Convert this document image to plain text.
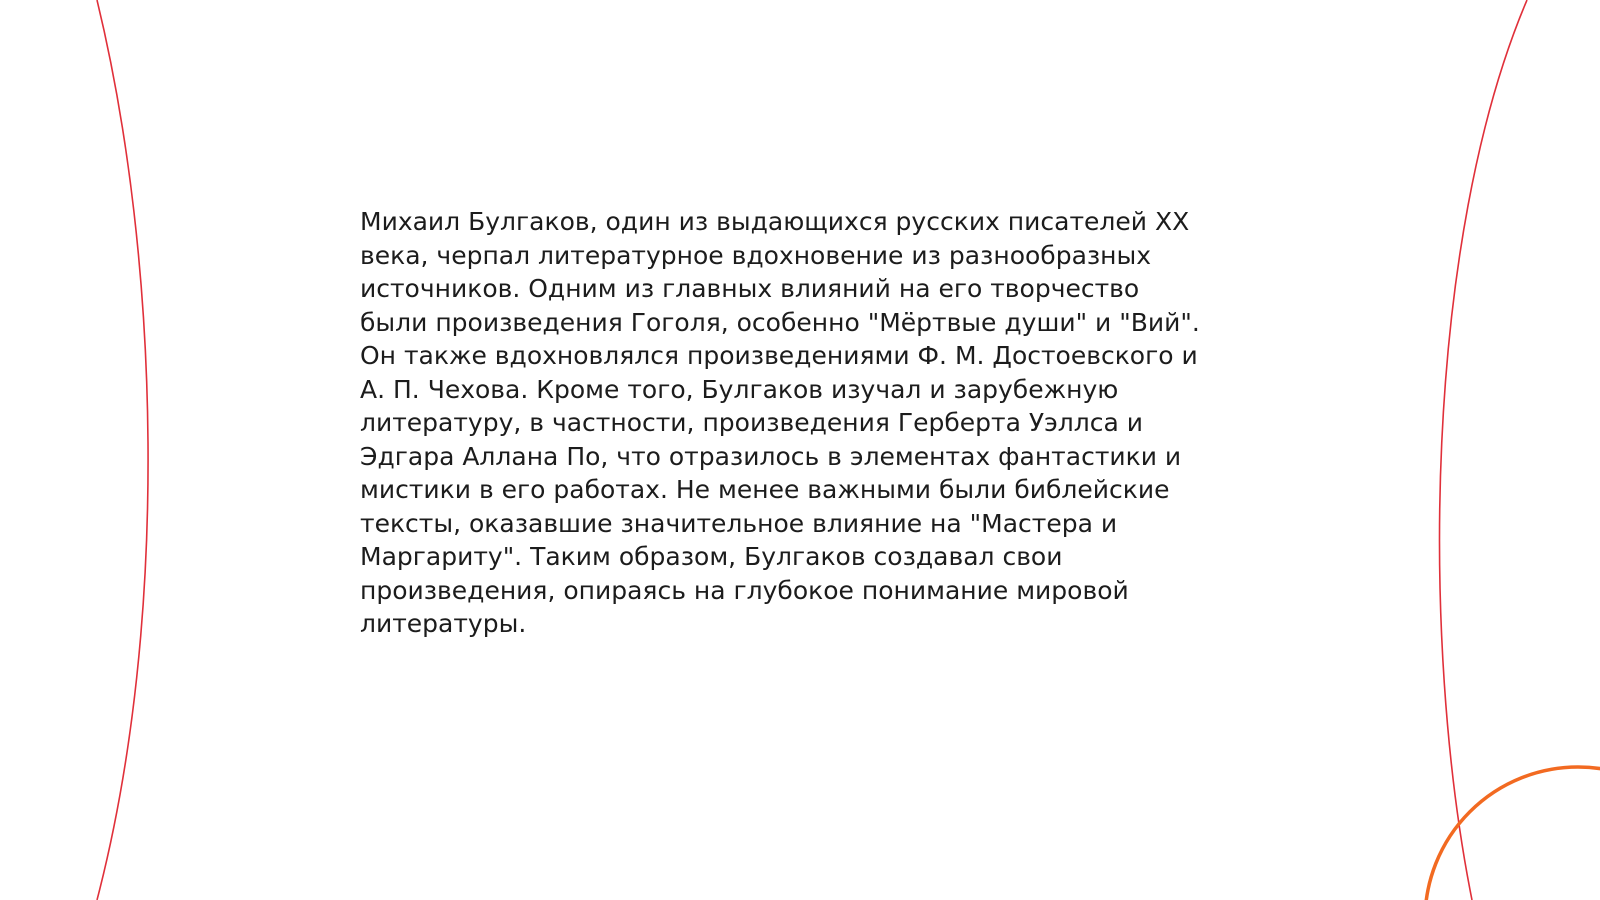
Михаил Булгаков, один из выдающихся русских писателей XX
века, черпал литературное вдохновение из разнообразных
источников. Одним из главных влияний на его творчество
были произведения Гоголя, особенно "Мёртвые души" и "Вий".
Он также вдохновлялся произведениями Ф. М. Достоевского и
А. П. Чехова. Кроме того, Булгаков изучал и зарубежную
литературу, в частности, произведения Герберта Уэллса и
Эдгара Аллана По, что отразилось в элементах фантастики и
мистики в его работах. Не менее важными были библейские
тексты, оказавшие значительное влияние на "Мастера и
Маргариту". Таким образом, Булгаков создавал свои
произведения, опираясь на глубокое понимание мировой
литературы.
